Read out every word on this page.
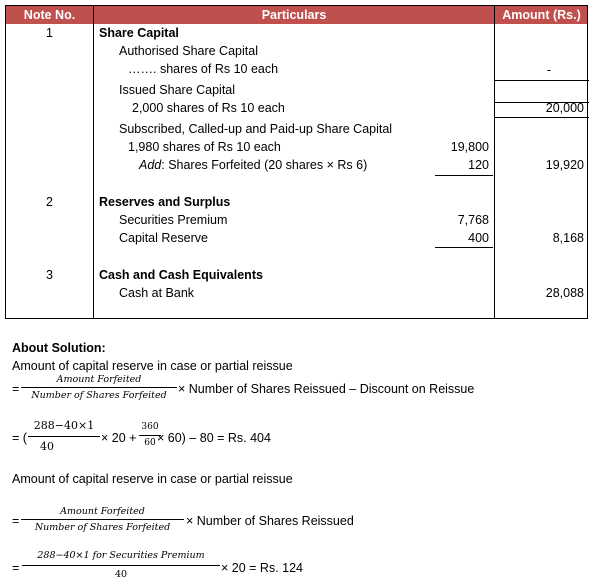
Note No.	Particulars	Amount (Rs.)
1	Share Capital
Authorised Share Capital
……. shares of Rs 10 each	-
Issued Share Capital
2,000 shares of Rs 10 each	20,000
Subscribed, Called-up and Paid-up Share Capital
1,980 shares of Rs 10 each	19,800
Add: Shares Forfeited (20 shares × Rs 6)	120	19,920
2	Reserves and Surplus
Securities Premium	7,768
Capital Reserve	400	8,168
3	Cash and Cash Equivalents
Cash at Bank	28,088
About Solution:
Amount of capital reserve in case or partial reissue
=
Amount Forfeited
Number of Shares Forfeited × Number of Shares Reissued – Discount on Reissue
= (
288−40×1
40
× 20 +
360
60 × 60) – 80 = Rs. 404
Amount of capital reserve in case or partial reissue
=
Amount Forfeited
Number of Shares Forfeited	× Number of Shares Reissued
=
288−40×1 for Securities Premium
40	× 20 = Rs. 124
